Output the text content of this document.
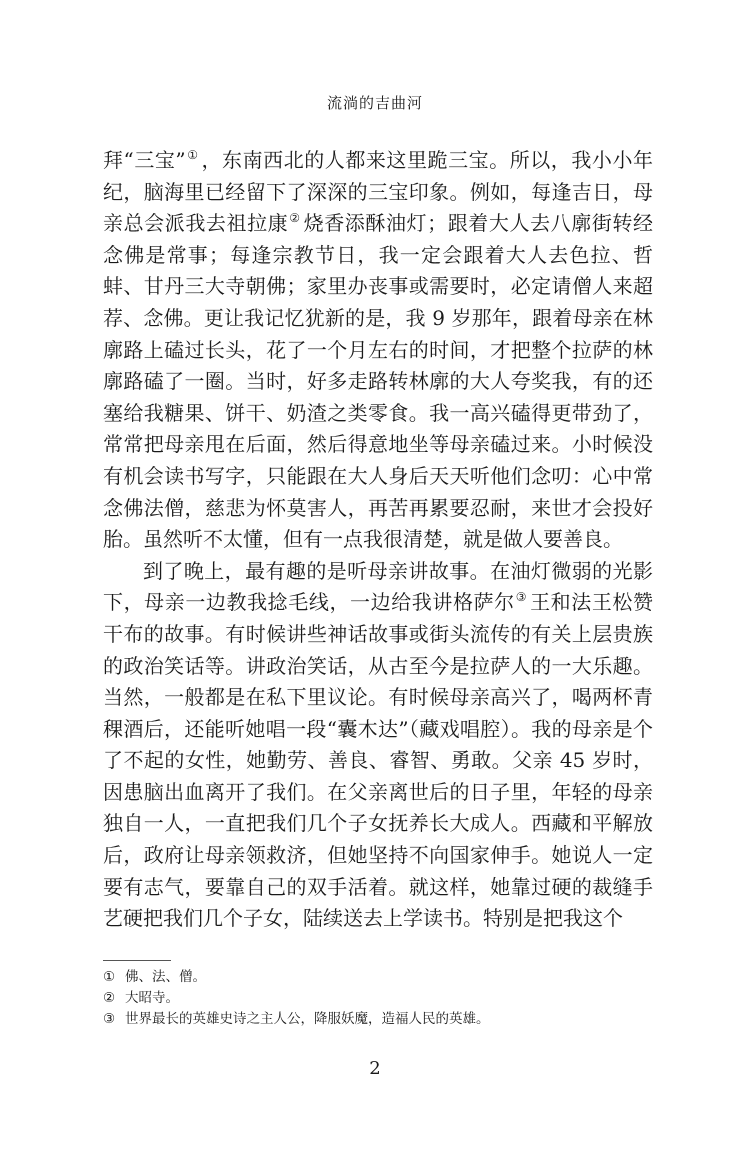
流淌的吉曲河

拜“三宝”① ，东南西北的人都来这里跪三宝。所以，我小小年纪，脑海里已经留下了深深的三宝印象。例如，每逢吉日，母亲总会派我去祖拉康② 烧香添酥油灯；跟着大人去八廓街转经念佛是常事；每逢宗教节日，我一定会跟着大人去色拉、哲蚌、甘丹三大寺朝佛；家里办丧事或需要时，必定请僧人来超荐、念佛。更让我记忆犹新的是，我 9 岁那年，跟着母亲在林廓路上磕过长头，花了一个月左右的时间，才把整个拉萨的林廓路磕了一圈。当时，好多走路转林廓的大人夸奖我，有的还塞给我糖果、饼干、奶渣之类零食。我一高兴磕得更带劲了，常常把母亲甩在后面，然后得意地坐等母亲磕过来。小时候没有机会读书写字，只能跟在大人身后天天听他们念叨：心中常念佛法僧，慈悲为怀莫害人，再苦再累要忍耐，来世才会投好胎。虽然听不太懂，但有一点我很清楚，就是做人要善良。

到了晚上，最有趣的是听母亲讲故事。在油灯微弱的光影下，母亲一边教我捻毛线，一边给我讲格萨尔③ 王和法王松赞干布的故事。有时候讲些神话故事或街头流传的有关上层贵族的政治笑话等。讲政治笑话，从古至今是拉萨人的一大乐趣。当然，一般都是在私下里议论。有时候母亲高兴了，喝两杯青稞酒后，还能听她唱一段“囊木达”（藏戏唱腔）。我的母亲是个了不起的女性，她勤劳、善良、睿智、勇敢。父亲 45 岁时，因患脑出血离开了我们。在父亲离世后的日子里，年轻的母亲独自一人，一直把我们几个子女抚养长大成人。西藏和平解放后，政府让母亲领救济，但她坚持不向国家伸手。她说人一定要有志气，要靠自己的双手活着。就这样，她靠过硬的裁缝手艺硬把我们几个子女，陆续送去上学读书。特别是把我这个

① 佛、法、僧。
② 大昭寺。
③ 世界最长的英雄史诗之主人公，降服妖魔，造福人民的英雄。
2
